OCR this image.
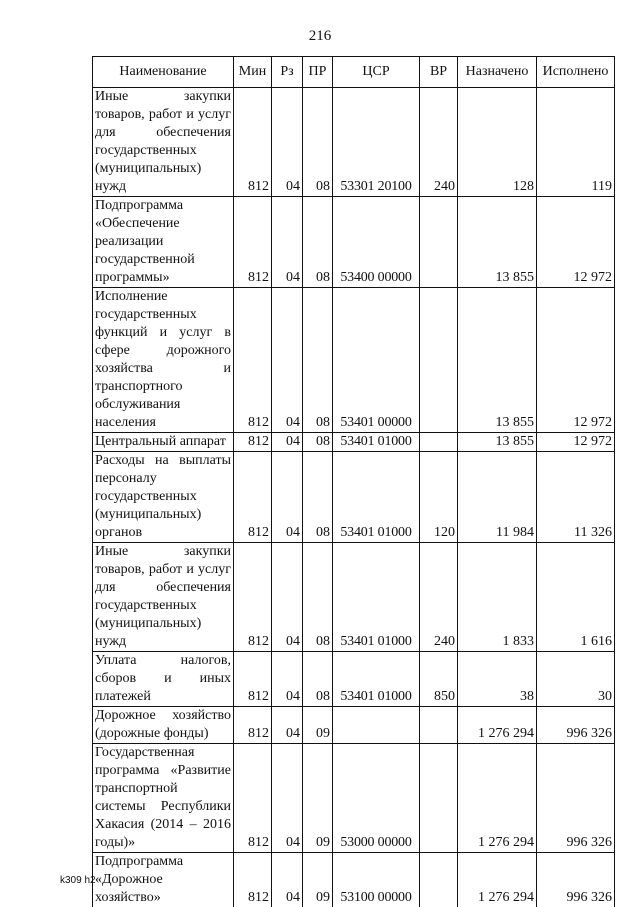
216
Наименование	Мин	Рз	ПР	ЦСР	ВР	Назначено	Исполнено
Иные закупки товаров, работ и услуг для обеспечения государственных (муниципальных) нужд	812	04	08	53301 20100	240	128	119
Подпрограмма «Обеспечение реализации государственной программы»	812	04	08	53400 00000		13 855	12 972
Исполнение государственных функций и услуг в сфере дорожного хозяйства и транспортного обслуживания населения	812	04	08	53401 00000		13 855	12 972
Центральный аппарат	812	04	08	53401 01000		13 855	12 972
Расходы на выплаты персоналу государственных (муниципальных) органов	812	04	08	53401 01000	120	11 984	11 326
Иные закупки товаров, работ и услуг для обеспечения государственных (муниципальных) нужд	812	04	08	53401 01000	240	1 833	1 616
Уплата налогов, сборов и иных платежей	812	04	08	53401 01000	850	38	30
Дорожное хозяйство (дорожные фонды)	812	04	09			1 276 294	996 326
Государственная программа «Развитие транспортной системы Республики Хакасия (2014 – 2016 годы)»	812	04	09	53000 00000		1 276 294	996 326
Подпрограмма «Дорожное хозяйство»	812	04	09	53100 00000		1 276 294	996 326
k309 h2
